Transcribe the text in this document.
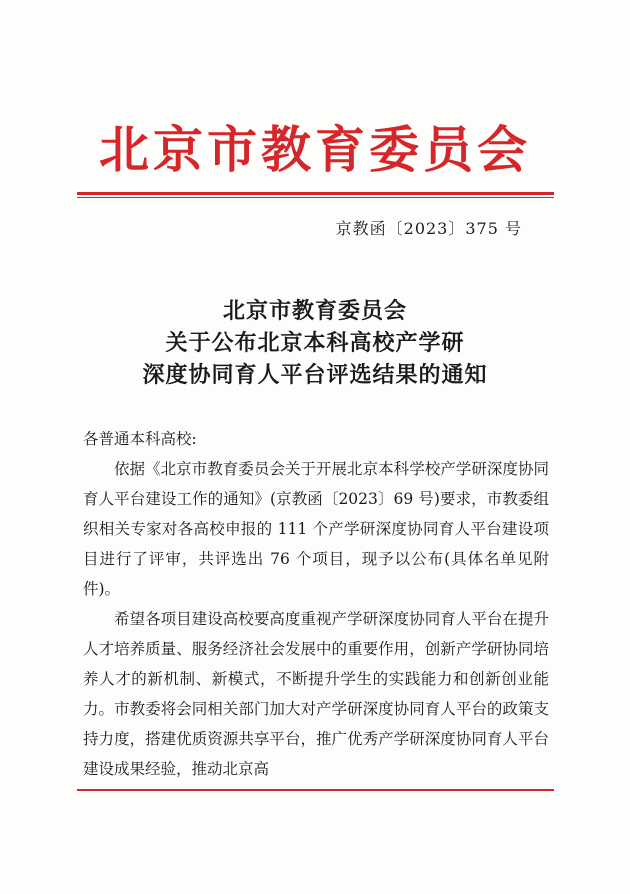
北京市教育委员会
京教函〔2023〕375 号
北京市教育委员会
关于公布北京本科高校产学研
深度协同育人平台评选结果的通知

各普通本科高校:

依据《北京市教育委员会关于开展北京本科学校产学研深度协同育人平台建设工作的通知》(京教函〔2023〕69 号)要求，市教委组织相关专家对各高校申报的 111 个产学研深度协同育人平台建设项目进行了评审，共评选出 76 个项目，现予以公布(具体名单见附件)。

希望各项目建设高校要高度重视产学研深度协同育人平台在提升人才培养质量、服务经济社会发展中的重要作用，创新产学研协同培养人才的新机制、新模式，不断提升学生的实践能力和创新创业能力。市教委将会同相关部门加大对产学研深度协同育人平台的政策支持力度，搭建优质资源共享平台，推广优秀产学研深度协同育人平台建设成果经验，推动北京高
